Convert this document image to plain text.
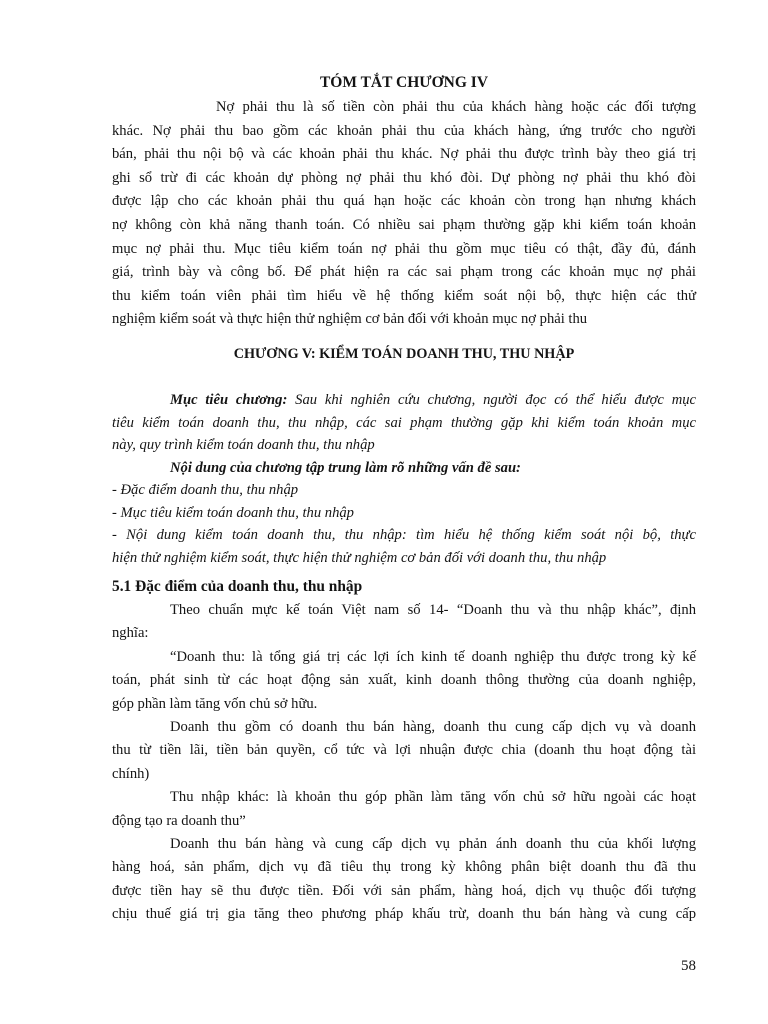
TÓM TẮT CHƯƠNG IV
Nợ phải thu là số tiền còn phải thu của khách hàng hoặc các đối tượng
khác. Nợ phải thu bao gồm các khoản phải thu của khách hàng, ứng trước cho người
bán, phải thu nội bộ và các khoản phải thu khác. Nợ phải thu được trình bày theo giá trị
ghi sổ trừ đi các khoản dự phòng nợ phải thu khó đòi. Dự phòng nợ phải thu khó đòi
được lập cho các khoản phải thu quá hạn hoặc các khoản còn trong hạn nhưng khách
nợ không còn khả năng thanh toán. Có nhiều sai phạm thường gặp khi kiểm toán khoản
mục nợ phải thu. Mục tiêu kiểm toán nợ phải thu gồm mục tiêu có thật, đầy đủ, đánh
giá, trình bày và công bố. Để phát hiện ra các sai phạm trong các khoản mục nợ phải
thu kiểm toán viên phải tìm hiểu về hệ thống kiểm soát nội bộ, thực hiện các thử
nghiệm kiểm soát và thực hiện thử nghiệm cơ bản đối với khoản mục nợ phải thu
CHƯƠNG V: KIỂM TOÁN DOANH THU, THU NHẬP
Mục tiêu chương: Sau khi nghiên cứu chương, người đọc có thể hiểu được mục
tiêu kiểm toán doanh thu, thu nhập, các sai phạm thường gặp khi kiểm toán khoản mục
này, quy trình kiểm toán doanh thu, thu nhập
Nội dung của chương tập trung làm rõ những vấn đề sau:
- Đặc điểm doanh thu, thu nhập
- Mục tiêu kiểm toán doanh thu, thu nhập
- Nội dung kiểm toán doanh thu, thu nhập: tìm hiểu hệ thống kiểm soát nội bộ, thực
hiện thử nghiệm kiểm soát, thực hiện thử nghiệm cơ bản đối với doanh thu, thu nhập
5.1 Đặc điểm của doanh thu, thu nhập
Theo chuẩn mực kế toán Việt nam số 14- “Doanh thu và thu nhập khác”, định
nghĩa:
“Doanh thu: là tổng giá trị các lợi ích kinh tế doanh nghiệp thu được trong kỳ kế
toán, phát sinh từ các hoạt động sản xuất, kinh doanh thông thường của doanh nghiệp,
góp phần làm tăng vốn chủ sở hữu.
Doanh thu gồm có doanh thu bán hàng, doanh thu cung cấp dịch vụ và doanh
thu từ tiền lãi, tiền bản quyền, cổ tức và lợi nhuận được chia (doanh thu hoạt động tài
chính)
Thu nhập khác: là khoản thu góp phần làm tăng vốn chủ sở hữu ngoài các hoạt
động tạo ra doanh thu”
Doanh thu bán hàng và cung cấp dịch vụ phản ánh doanh thu của khối lượng
hàng hoá, sản phẩm, dịch vụ đã tiêu thụ trong kỳ không phân biệt doanh thu đã thu
được tiền hay sẽ thu được tiền. Đối với sản phẩm, hàng hoá, dịch vụ thuộc đối tượng
chịu thuế giá trị gia tăng theo phương pháp khấu trừ, doanh thu bán hàng và cung cấp
58
